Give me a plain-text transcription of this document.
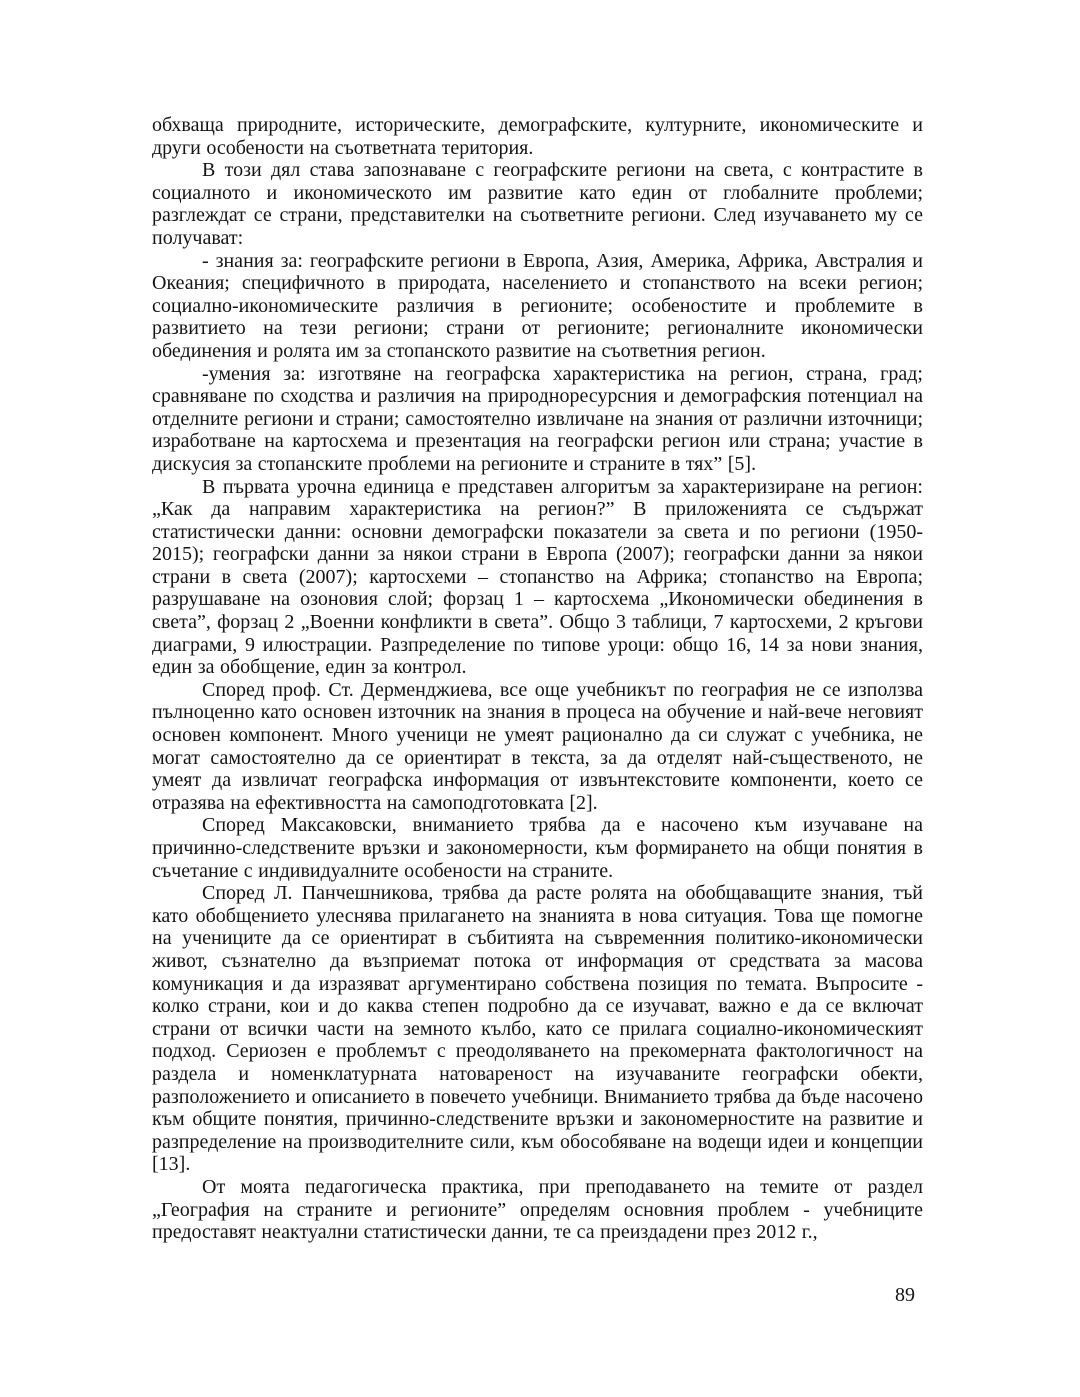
обхваща природните, историческите, демографските, културните, икономическите и други особености на съответната територия.

В този дял става запознаване с географските региони на света, с контрастите в социалното и икономическото им развитие като един от глобалните проблеми; разглеждат се страни, представителки на съответните региони. След изучаването му се получават:

- знания за: географските региони в Европа, Азия, Америка, Африка, Австралия и Океания; специфичното в природата, населението и стопанството на всеки регион; социално-икономическите различия в регионите; особеностите и проблемите в развитието на тези региони; страни от регионите; регионалните икономически обединения и ролята им за стопанското развитие на съответния регион.

-умения за: изготвяне на географска характеристика на регион, страна, град; сравняване по сходства и различия на природноресурсния и демографския потенциал на отделните региони и страни; самостоятелно извличане на знания от различни източници; изработване на картосхема и презентация на географски регион или страна; участие в дискусия за стопанските проблеми на регионите и страните в тях” [5].

В първата урочна единица е представен алгоритъм за характеризиране на регион: „Как да направим характеристика на регион?” В приложенията се съдържат статистически данни: основни демографски показатели за света и по региони (1950-2015); географски данни за някои страни в Европа (2007); географски данни за някои страни в света (2007); картосхеми – стопанство на Африка; стопанство на Европа; разрушаване на озоновия слой; форзац 1 – картосхема „Икономически обединения в света”, форзац 2 „Военни конфликти в света”. Общо 3 таблици, 7 картосхеми, 2 кръгови диаграми, 9 илюстрации. Разпределение по типове уроци: общо 16, 14 за нови знания, един за обобщение, един за контрол.

Според проф. Ст. Дерменджиева, все още учебникът по география не се използва пълноценно като основен източник на знания в процеса на обучение и най-вече неговият основен компонент. Много ученици не умеят рационално да си служат с учебника, не могат самостоятелно да се ориентират в текста, за да отделят най-същественото, не умеят да извличат географска информация от извънтекстовите компоненти, което се отразява на ефективността на самоподготовката [2].

Според Максаковски, вниманието трябва да е насочено към изучаване на причинно-следствените връзки и закономерности, към формирането на общи понятия в съчетание с индивидуалните особености на страните.

Според Л. Панчешникова, трябва да расте ролята на обобщаващите знания, тъй като обобщението улеснява прилагането на знанията в нова ситуация. Това ще помогне на учениците да се ориентират в събитията на съвременния политико-икономически живот, съзнателно да възприемат потока от информация от средствата за масова комуникация и да изразяват аргументирано собствена позиция по темата. Въпросите - колко страни, кои и до каква степен подробно да се изучават, важно е да се включат страни от всички части на земното кълбо, като се прилага социално-икономическият подход. Сериозен е проблемът с преодоляването на прекомерната фактологичност на раздела и номенклатурната натовареност на изучаваните географски обекти, разположението и описанието в повечето учебници. Вниманието трябва да бъде насочено към общите понятия, причинно-следствените връзки и закономерностите на развитие и разпределение на производителните сили, към обособяване на водещи идеи и концепции [13].

От моята педагогическа практика, при преподаването на темите от раздел „География на страните и регионите” определям основния проблем - учебниците предоставят неактуални статистически данни, те са преиздадени през 2012 г.,

89
